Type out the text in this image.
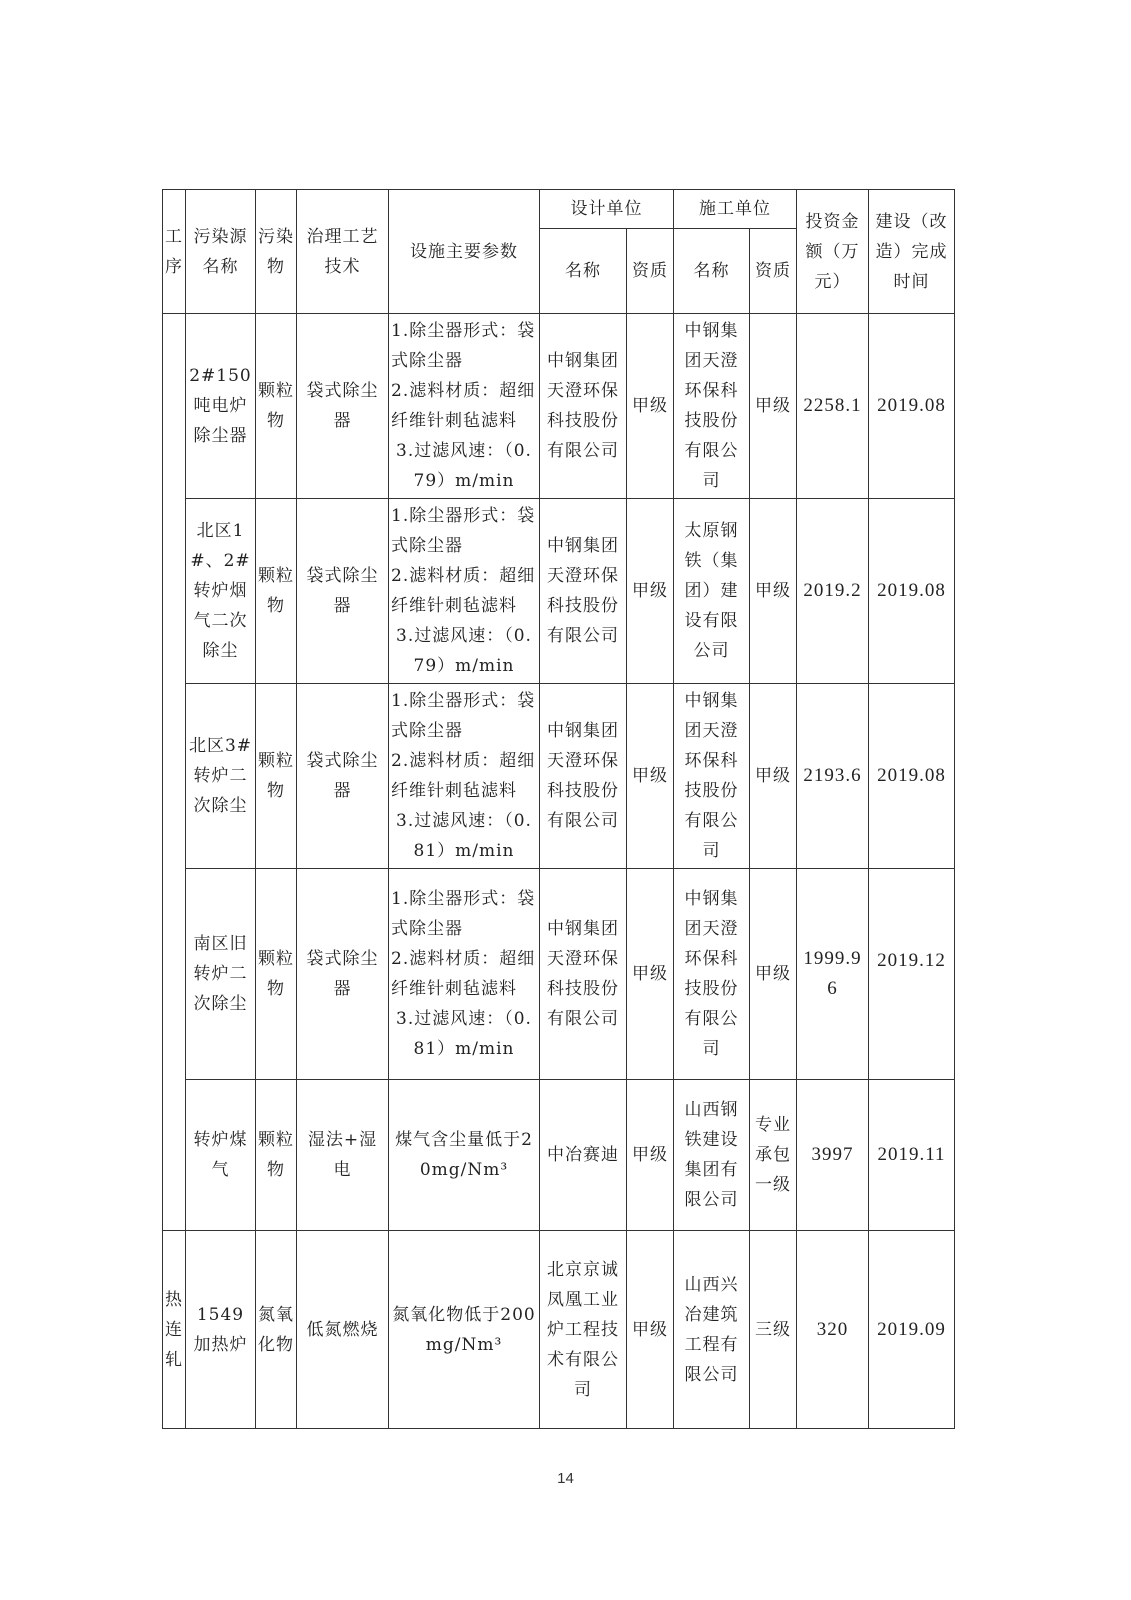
工序	污染源名称	污染物	治理工艺技术	设施主要参数	设计单位		施工单位		投资金额（万元）	建设（改造）完成时间
					名称	资质	名称	资质		
	2#150吨电炉除尘器	颗粒物	袋式除尘器	1.除尘器形式：袋式除尘器
2.滤料材质：超细纤维针刺毡滤料
3.过滤风速：（0.79）m/min	中钢集团天澄环保科技股份有限公司	甲级	中钢集团天澄环保科技股份有限公司	甲级	2258.1	2019.08
	北区1#、2#转炉烟气二次除尘	颗粒物	袋式除尘器	1.除尘器形式：袋式除尘器
2.滤料材质：超细纤维针刺毡滤料
3.过滤风速：（0.79）m/min	中钢集团天澄环保科技股份有限公司	甲级	太原钢铁（集团）建设有限公司	甲级	2019.2	2019.08
	北区3#转炉二次除尘	颗粒物	袋式除尘器	1.除尘器形式：袋式除尘器
2.滤料材质：超细纤维针刺毡滤料
3.过滤风速：（0.81）m/min	中钢集团天澄环保科技股份有限公司	甲级	中钢集团天澄环保科技股份有限公司	甲级	2193.6	2019.08
	南区旧转炉二次除尘	颗粒物	袋式除尘器	1.除尘器形式：袋式除尘器
2.滤料材质：超细纤维针刺毡滤料
3.过滤风速：（0.81）m/min	中钢集团天澄环保科技股份有限公司	甲级	中钢集团天澄环保科技股份有限公司	甲级	1999.96	2019.12
	转炉煤气	颗粒物	湿法+湿电	煤气含尘量低于20mg/Nm³	中冶赛迪	甲级	山西钢铁建设集团有限公司	专业承包一级	3997	2019.11
热连轧	1549加热炉	氮氧化物	低氮燃烧	氮氧化物低于200mg/Nm³	北京京诚凤凰工业炉工程技术有限公司	甲级	山西兴冶建筑工程有限公司	三级	320	2019.09
14
